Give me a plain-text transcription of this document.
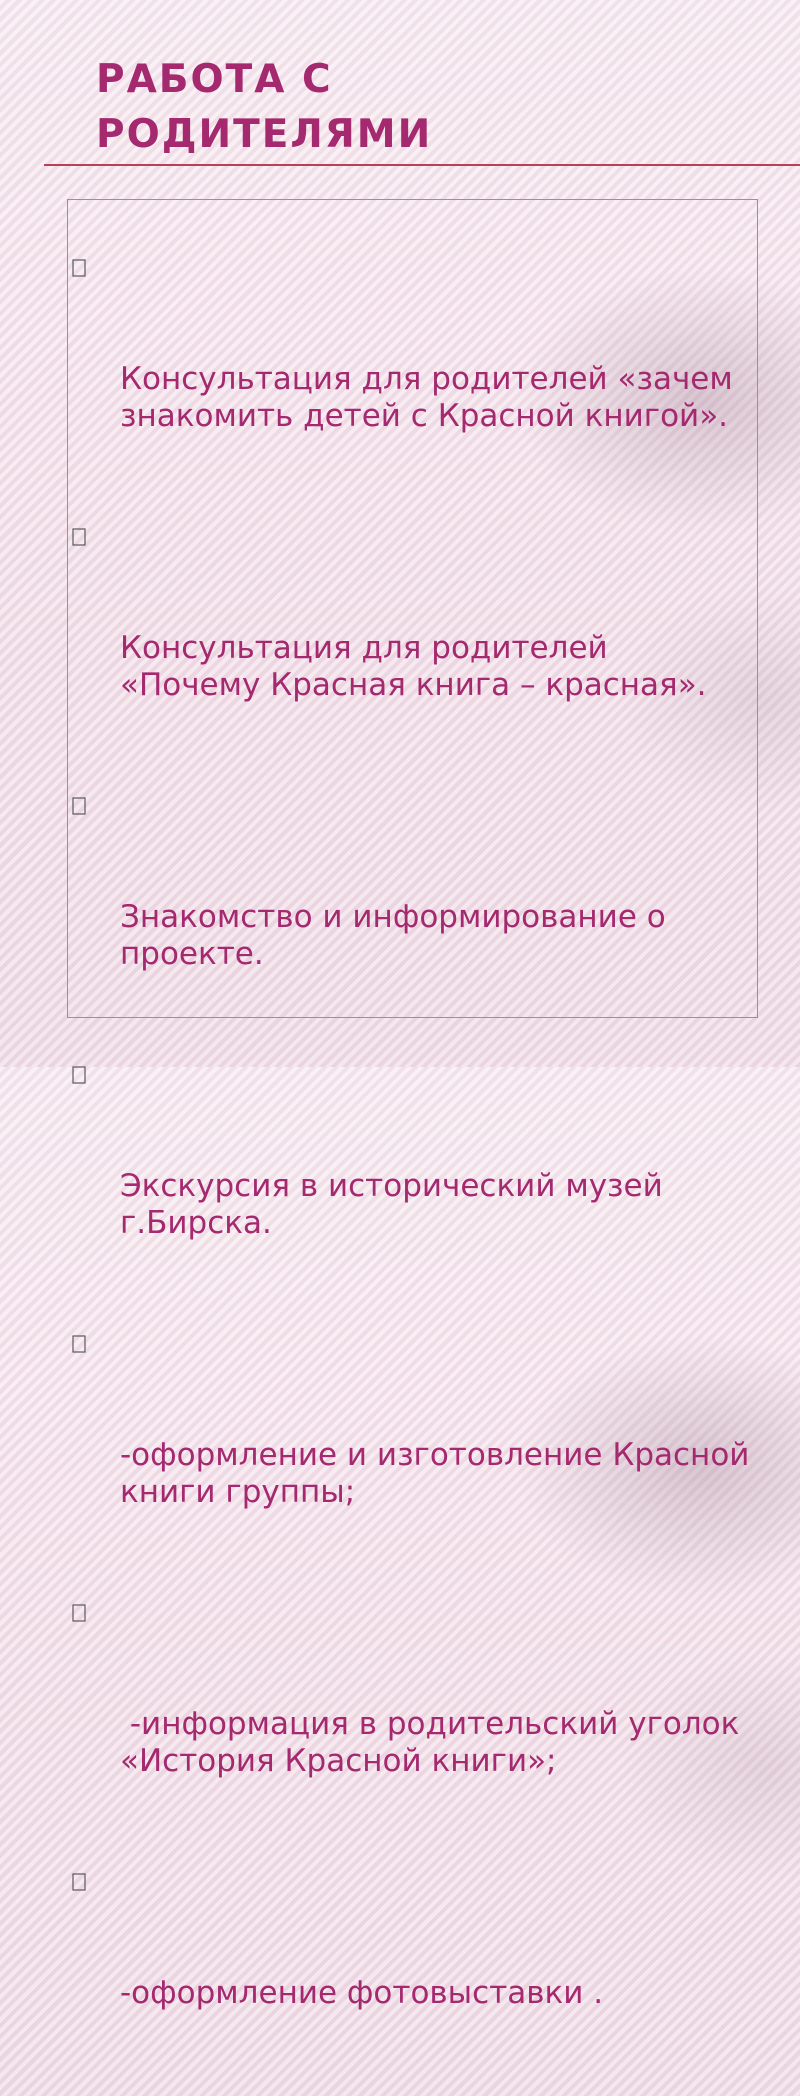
РАБОТА С
РОДИТЕЛЯМИ

Консультация для родителей «зачем знакомить детей с Красной книгой».

Консультация для родителей «Почему Красная книга – красная».

Знакомство и информирование о проекте.

Экскурсия в исторический музей г.Бирска.

-оформление и изготовление Красной книги группы;

-информация в родительский уголок «История Красной книги»;

-оформление фотовыставки .
